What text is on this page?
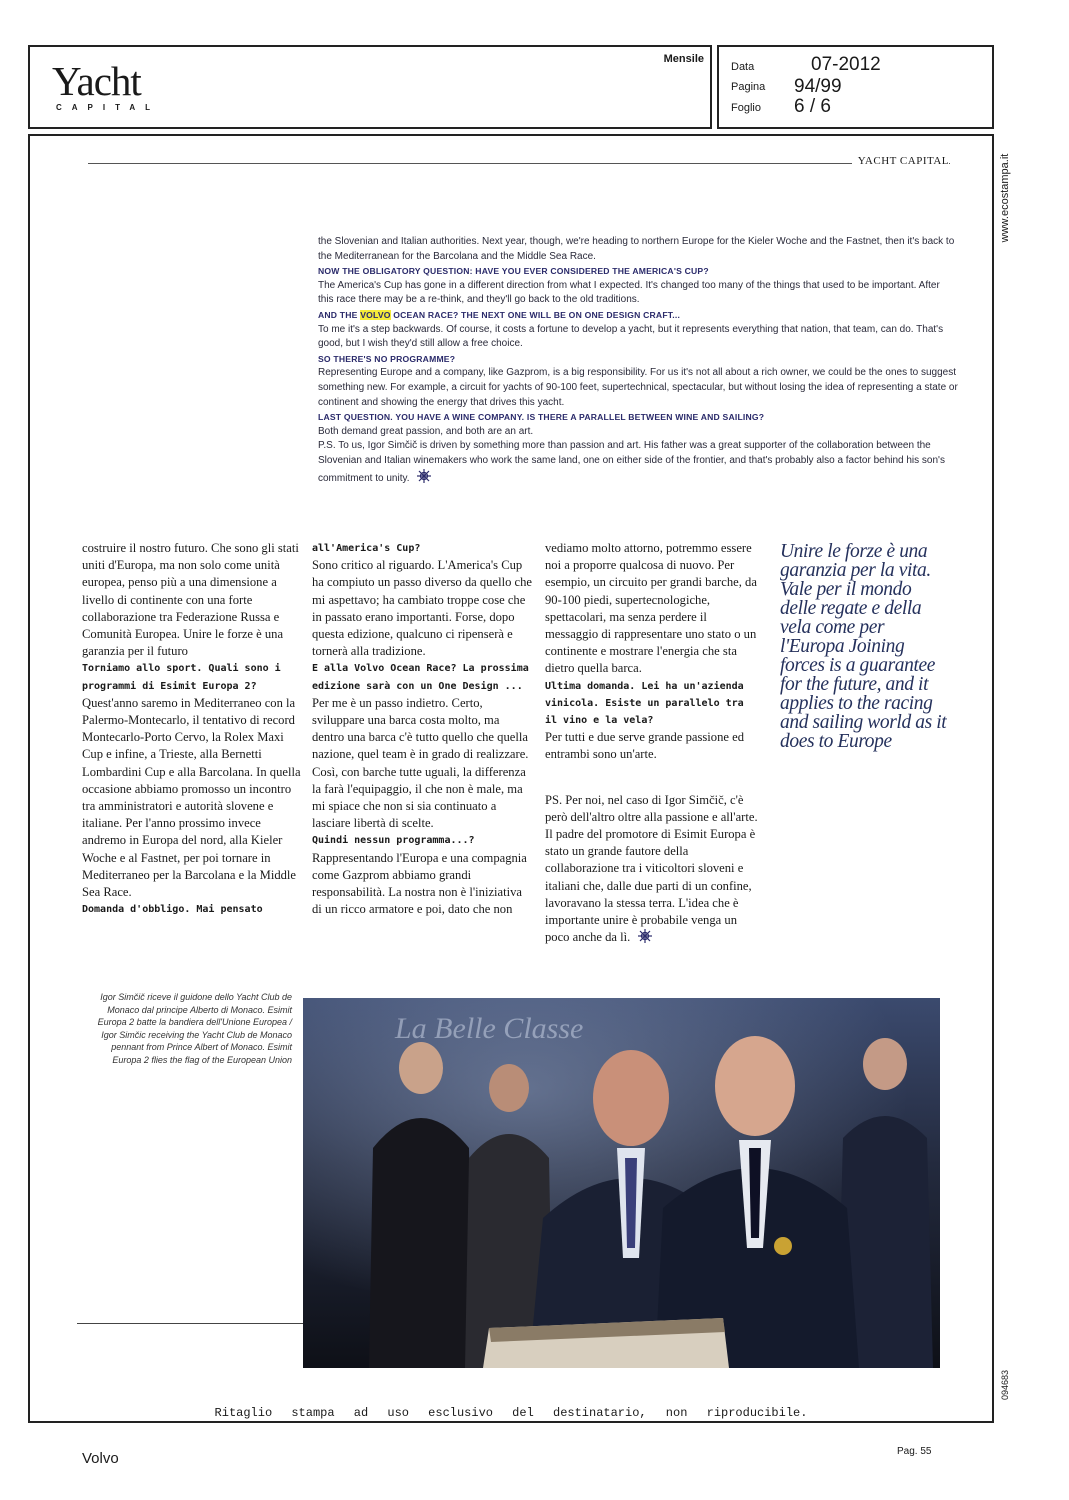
Yacht
CAPITAL
Mensile
Data	07-2012
Pagina 94/99
Foglio 6 / 6
www.ecostampa.it
094683
YACHT CAPITAL

the Slovenian and Italian authorities. Next year, though, we're heading to northern Europe for the Kieler Woche and the Fastnet, then it's back to the Mediterranean for the Barcolana and the Middle Sea Race.

NOW THE OBLIGATORY QUESTION: HAVE YOU EVER CONSIDERED THE AMERICA'S CUP?

The America's Cup has gone in a different direction from what I expected. It's changed too many of the things that used to be important. After this race there may be a re-think, and they'll go back to the old traditions.

AND THE VOLVO OCEAN RACE? THE NEXT ONE WILL BE ON ONE DESIGN CRAFT...

To me it's a step backwards. Of course, it costs a fortune to develop a yacht, but it represents everything that nation, that team, can do. That's good, but I wish they'd still allow a free choice.

SO THERE'S NO PROGRAMME?

Representing Europe and a company, like Gazprom, is a big responsibility. For us it's not all about a rich owner, we could be the ones to suggest something new. For example, a circuit for yachts of 90-100 feet, supertechnical, spectacular, but without losing the idea of representing a state or continent and showing the energy that drives this yacht.

LAST QUESTION. YOU HAVE A WINE COMPANY. IS THERE A PARALLEL BETWEEN WINE AND SAILING?

Both demand great passion, and both are an art.

P.S. To us, Igor Simčič is driven by something more than passion and art. His father was a great supporter of the collaboration between the Slovenian and Italian winemakers who work the same land, one on either side of the frontier, and that's probably also a factor behind his son's commitment to unity.

costruire il nostro futuro. Che sono gli stati uniti d'Europa, ma non solo come unità europea, penso più a una dimensione a livello di continente con una forte collaborazione tra Federazione Russa e Comunità Europea. Unire le forze è una garanzia per il futuro

Torniamo allo sport. Quali sono i programmi di Esimit Europa 2?

Quest'anno saremo in Mediterraneo con la Palermo-Montecarlo, il tentativo di record Montecarlo-Porto Cervo, la Rolex Maxi Cup e infine, a Trieste, alla Bernetti Lombardini Cup e alla Barcolana. In quella occasione abbiamo promosso un incontro tra amministratori e autorità slovene e italiane. Per l'anno prossimo invece andremo in Europa del nord, alla Kieler Woche e al Fastnet, per poi tornare in Mediterraneo per la Barcolana e la Middle Sea Race.

Domanda d'obbligo. Mai pensato

all'America's Cup?

Sono critico al riguardo. L'America's Cup ha compiuto un passo diverso da quello che mi aspettavo; ha cambiato troppe cose che in passato erano importanti. Forse, dopo questa edizione, qualcuno ci ripenserà e tornerà alla tradizione.

E alla Volvo Ocean Race? La prossima edizione sarà con un One Design ...

Per me è un passo indietro. Certo, sviluppare una barca costa molto, ma dentro una barca c'è tutto quello che quella nazione, quel team è in grado di realizzare. Così, con barche tutte uguali, la differenza la farà l'equipaggio, il che non è male, ma mi spiace che non si sia continuato a lasciare libertà di scelte.

Quindi nessun programma...?

Rappresentando l'Europa e una compagnia come Gazprom abbiamo grandi responsabilità. La nostra non è l'iniziativa di un ricco armatore e poi, dato che non

vediamo molto attorno, potremmo essere noi a proporre qualcosa di nuovo. Per esempio, un circuito per grandi barche, da 90-100 piedi, supertecnologiche, spettacolari, ma senza perdere il messaggio di rappresentare uno stato o un continente e mostrare l'energia che sta dietro quella barca.

Ultima domanda. Lei ha un'azienda vinicola. Esiste un parallelo tra il vino e la vela?

Per tutti e due serve grande passione ed entrambi sono un'arte.

PS. Per noi, nel caso di Igor Simčič, c'è però dell'altro oltre alla passione e all'arte. Il padre del promotore di Esimit Europa è stato un grande fautore della collaborazione tra i viticoltori sloveni e italiani che, dalle due parti di un confine, lavoravano la stessa terra. L'idea che è importante unire è probabile venga un poco anche da lì.

Unire le forze è una garanzia per la vita. Vale per il mondo delle regate e della vela come per l'Europa Joining forces is a guarantee for the future, and it applies to the racing and sailing world as it does to Europe
Igor Simčič riceve il guidone dello Yacht Club de Monaco dal principe Alberto di Monaco. Esimit Europa 2 batte la bandiera dell'Unione Europea / Igor Simčic receiving the Yacht Club de Monaco pennant from Prince Albert of Monaco. Esimit Europa 2 flies the flag of the European Union
La Belle Classe
Ritaglio stampa ad uso esclusivo del destinatario, non riproducibile.
Volvo	Pag. 55
